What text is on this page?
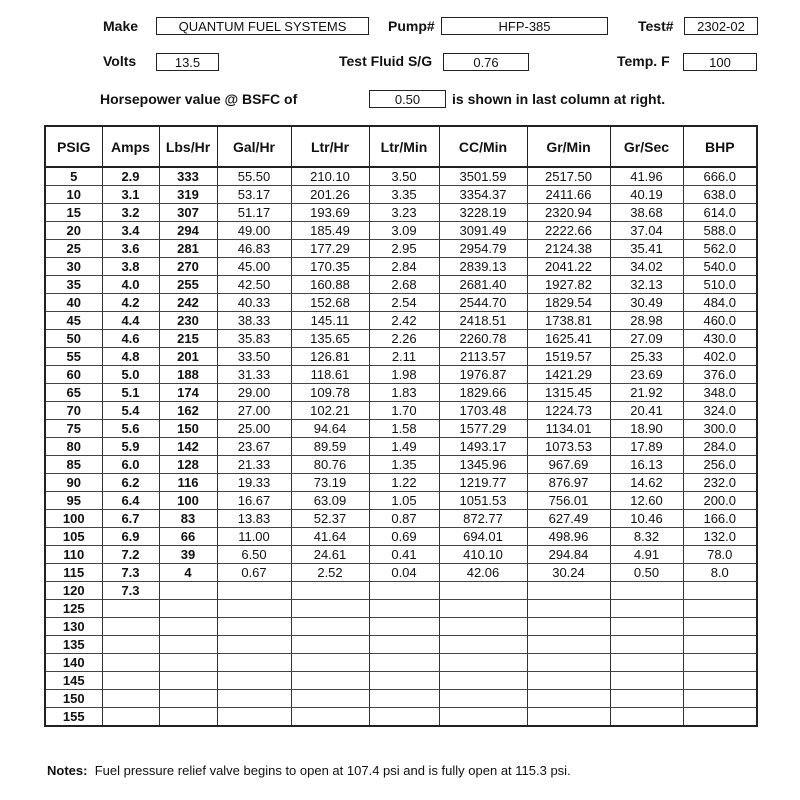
Make	QUANTUM FUEL SYSTEMS	Pump#	HFP-385	Test#	2302-02
Volts	13.5	Test Fluid S/G	0.76	Temp. F	100
Horsepower value @ BSFC of	0.50	is shown in last column at right.
PSIG	Amps	Lbs/Hr	Gal/Hr	Ltr/Hr	Ltr/Min	CC/Min	Gr/Min	Gr/Sec	BHP
5	2.9	333	55.50	210.10	3.50	3501.59	2517.50	41.96	666.0
10	3.1	319	53.17	201.26	3.35	3354.37	2411.66	40.19	638.0
15	3.2	307	51.17	193.69	3.23	3228.19	2320.94	38.68	614.0
20	3.4	294	49.00	185.49	3.09	3091.49	2222.66	37.04	588.0
25	3.6	281	46.83	177.29	2.95	2954.79	2124.38	35.41	562.0
30	3.8	270	45.00	170.35	2.84	2839.13	2041.22	34.02	540.0
35	4.0	255	42.50	160.88	2.68	2681.40	1927.82	32.13	510.0
40	4.2	242	40.33	152.68	2.54	2544.70	1829.54	30.49	484.0
45	4.4	230	38.33	145.11	2.42	2418.51	1738.81	28.98	460.0
50	4.6	215	35.83	135.65	2.26	2260.78	1625.41	27.09	430.0
55	4.8	201	33.50	126.81	2.11	2113.57	1519.57	25.33	402.0
60	5.0	188	31.33	118.61	1.98	1976.87	1421.29	23.69	376.0
65	5.1	174	29.00	109.78	1.83	1829.66	1315.45	21.92	348.0
70	5.4	162	27.00	102.21	1.70	1703.48	1224.73	20.41	324.0
75	5.6	150	25.00	94.64	1.58	1577.29	1134.01	18.90	300.0
80	5.9	142	23.67	89.59	1.49	1493.17	1073.53	17.89	284.0
85	6.0	128	21.33	80.76	1.35	1345.96	967.69	16.13	256.0
90	6.2	116	19.33	73.19	1.22	1219.77	876.97	14.62	232.0
95	6.4	100	16.67	63.09	1.05	1051.53	756.01	12.60	200.0
100	6.7	83	13.83	52.37	0.87	872.77	627.49	10.46	166.0
105	6.9	66	11.00	41.64	0.69	694.01	498.96	8.32	132.0
110	7.2	39	6.50	24.61	0.41	410.10	294.84	4.91	78.0
115	7.3	4	0.67	2.52	0.04	42.06	30.24	0.50	8.0
120	7.3								
125									
130									
135									
140									
145									
150									
155									
Notes: Fuel pressure relief valve begins to open at 107.4 psi and is fully open at 115.3 psi.
